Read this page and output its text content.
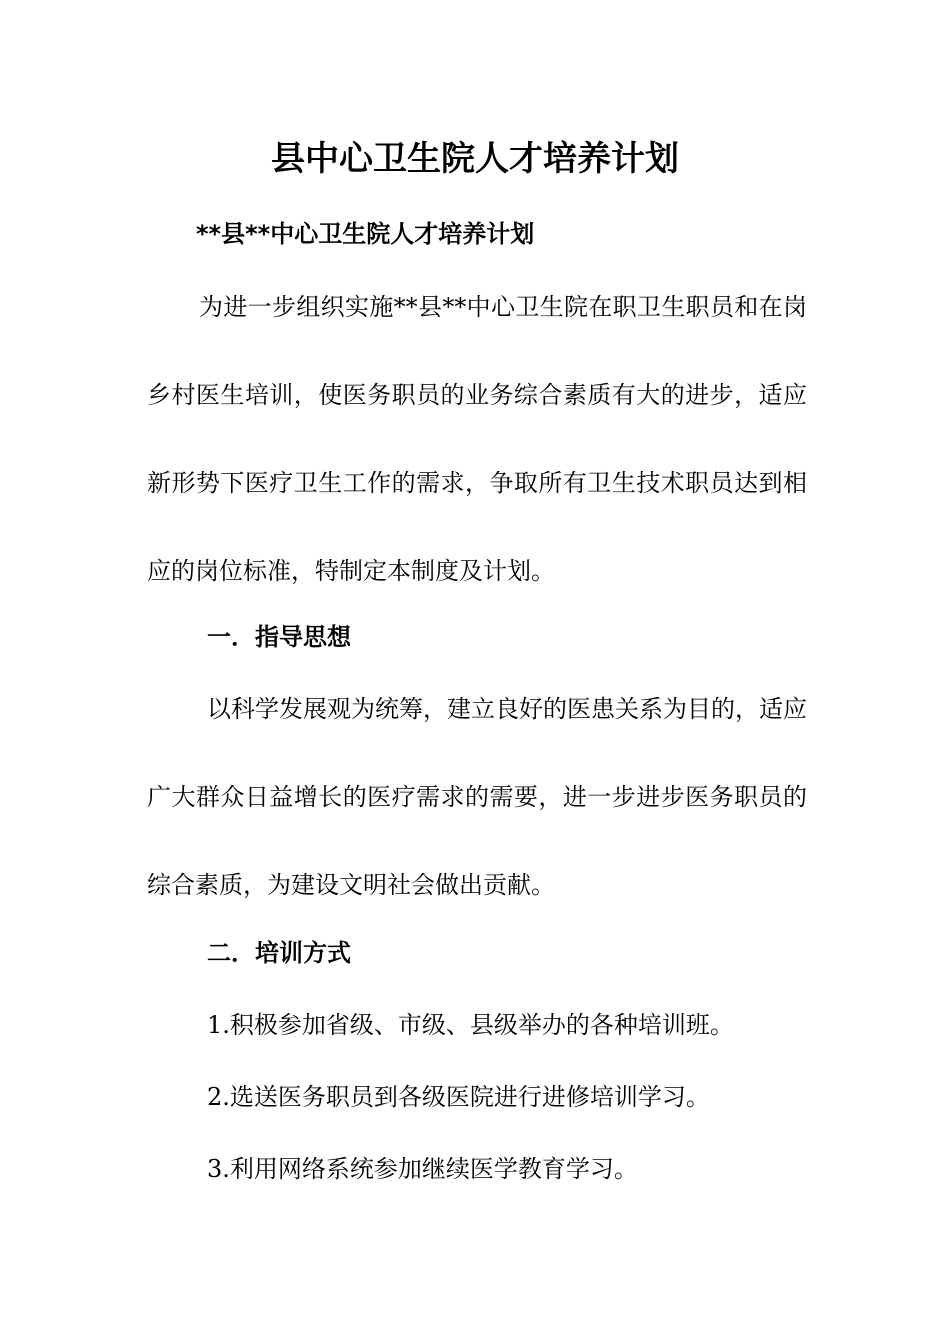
县中心卫生院人才培养计划

**县**中心卫生院人才培养计划

为进一步组织实施**县**中心卫生院在职卫生职员和在岗乡村医生培训，使医务职员的业务综合素质有大的进步，适应新形势下医疗卫生工作的需求，争取所有卫生技术职员达到相应的岗位标准，特制定本制度及计划。

一．指导思想

以科学发展观为统筹，建立良好的医患关系为目的，适应广大群众日益增长的医疗需求的需要，进一步进步医务职员的综合素质，为建设文明社会做出贡献。

二．培训方式

1.积极参加省级、市级、县级举办的各种培训班。

2.选送医务职员到各级医院进行进修培训学习。

3.利用网络系统参加继续医学教育学习。
